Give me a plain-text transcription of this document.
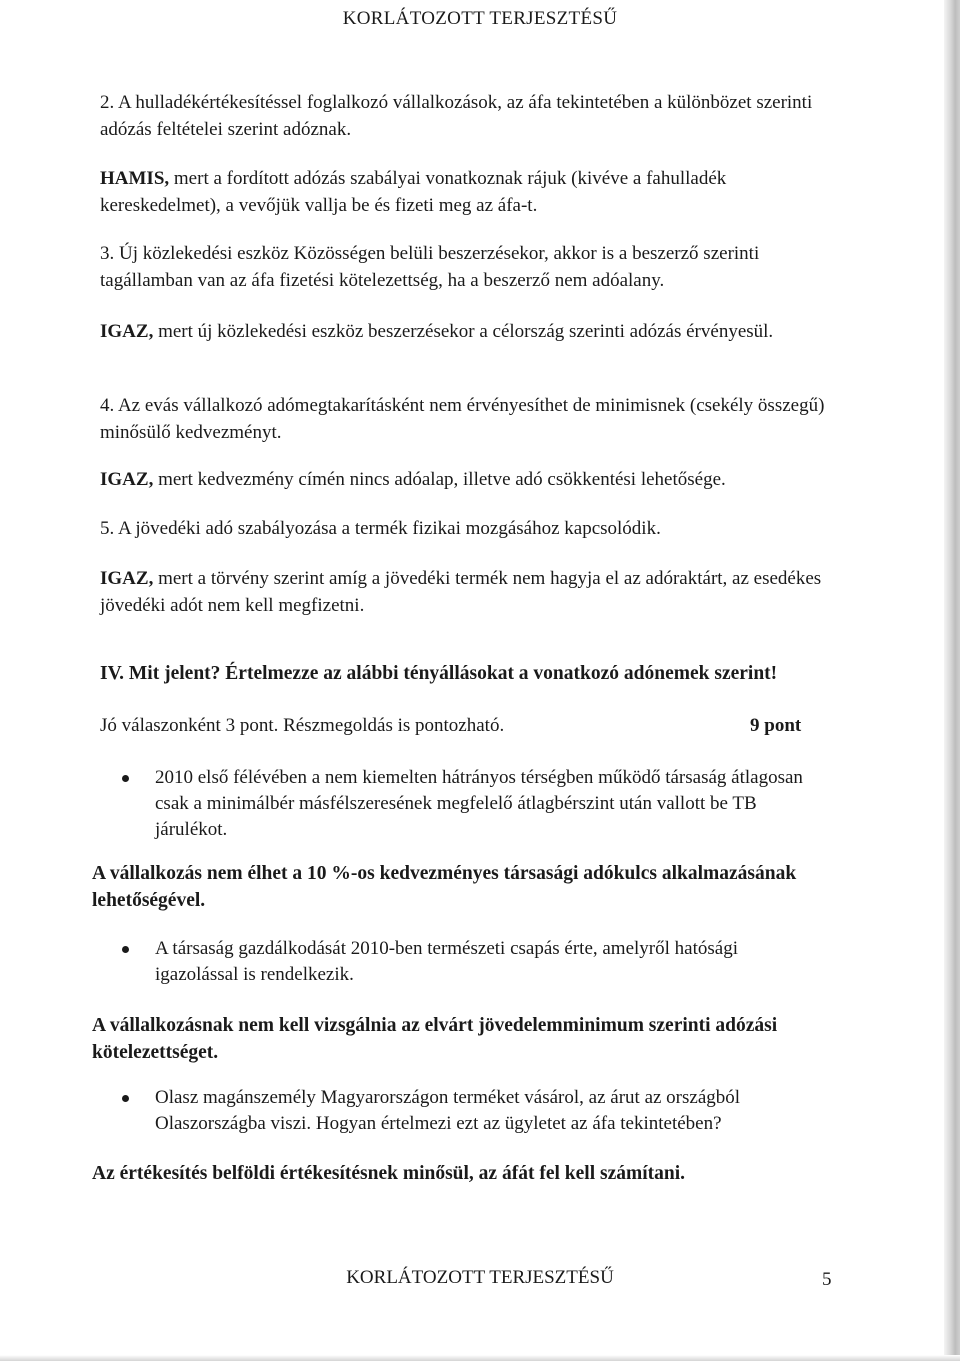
KORLÁTOZOTT TERJESZTÉSŰ
2. A hulladékértékesítéssel foglalkozó vállalkozások, az áfa tekintetében a különbözet szerinti adózás feltételei szerint adóznak.
HAMIS, mert a fordított adózás szabályai vonatkoznak rájuk (kivéve a fahulladék kereskedelmet), a vevőjük vallja be és fizeti meg az áfa-t.
3. Új közlekedési eszköz Közösségen belüli beszerzésekor, akkor is a beszerző szerinti tagállamban van az áfa fizetési kötelezettség, ha a beszerző nem adóalany.
IGAZ, mert új közlekedési eszköz beszerzésekor a célország szerinti adózás érvényesül.
4. Az evás vállalkozó adómegtakarításként nem érvényesíthet de minimisnek (csekély összegű) minősülő kedvezményt.
IGAZ, mert kedvezmény címén nincs adóalap, illetve adó csökkentési lehetősége.
5. A jövedéki adó szabályozása a termék fizikai mozgásához kapcsolódik.
IGAZ, mert a törvény szerint amíg a jövedéki termék nem hagyja el az adóraktárt, az esedékes jövedéki adót nem kell megfizetni.
IV. Mit jelent? Értelmezze az alábbi tényállásokat a vonatkozó adónemek szerint!
Jó válaszonként 3 pont. Részmegoldás is pontozható.	9 pont
2010 első félévében a nem kiemelten hátrányos térségben működő társaság átlagosan csak a minimálbér másfélszeresének megfelelő átlagbérszint után vallott be TB járulékot.
A vállalkozás nem élhet a 10 %-os kedvezményes társasági adókulcs alkalmazásának lehetőségével.
A társaság gazdálkodását 2010-ben természeti csapás érte, amelyről hatósági igazolással is rendelkezik.
A vállalkozásnak nem kell vizsgálnia az elvárt jövedelemminimum szerinti adózási kötelezettséget.
Olasz magánszemély Magyarországon terméket vásárol, az árut az országból Olaszországba viszi. Hogyan értelmezi ezt az ügyletet az áfa tekintetében?
Az értékesítés belföldi értékesítésnek minősül, az áfát fel kell számítani.
KORLÁTOZOTT TERJESZTÉSŰ	5
